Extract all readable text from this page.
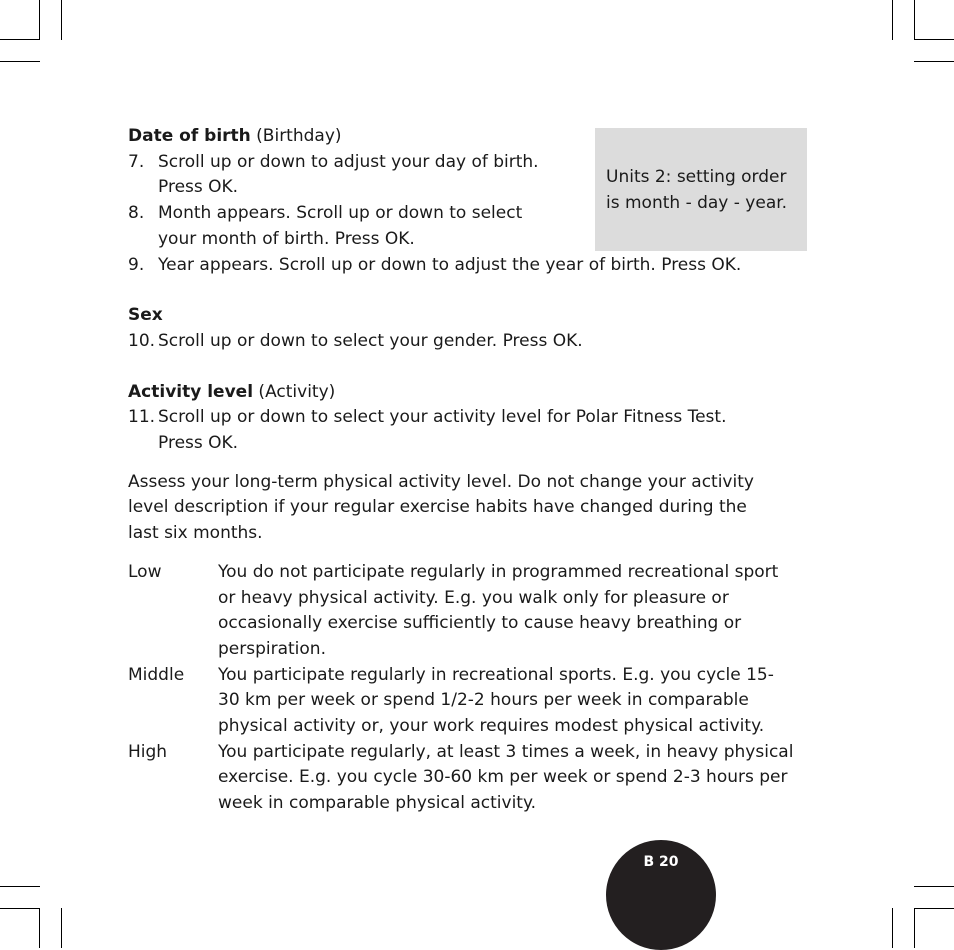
Units 2: setting order
is month - day - year.
Date of birth (Birthday)
7. Scroll up or down to adjust your day of birth.
Press OK.
8. Month appears. Scroll up or down to select
your month of birth. Press OK.
9. Year appears. Scroll up or down to adjust the year of birth. Press OK.
Sex
10. Scroll up or down to select your gender. Press OK.
Activity level (Activity)
11. Scroll up or down to select your activity level for Polar Fitness Test.
Press OK.
Assess your long-term physical activity level. Do not change your activity
level description if your regular exercise habits have changed during the
last six months.
Low	You do not participate regularly in programmed recreational sport
or heavy physical activity. E.g. you walk only for pleasure or
occasionally exercise sufficiently to cause heavy breathing or
perspiration.
Middle	You participate regularly in recreational sports. E.g. you cycle 15-
30 km per week or spend 1/2-2 hours per week in comparable
physical activity or, your work requires modest physical activity.
High	You participate regularly, at least 3 times a week, in heavy physical
exercise. E.g. you cycle 30-60 km per week or spend 2-3 hours per
week in comparable physical activity.
B 20
